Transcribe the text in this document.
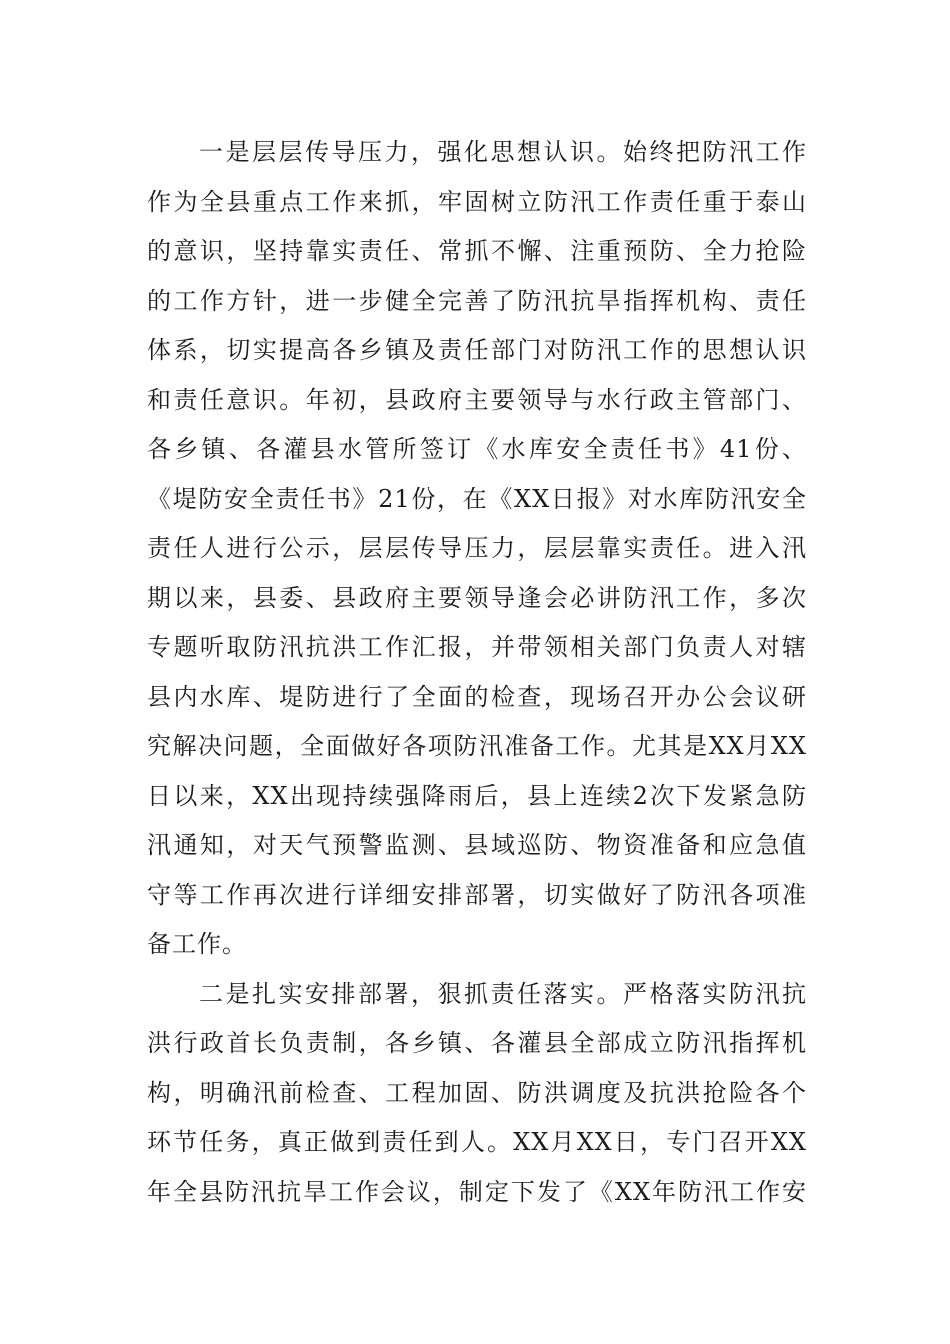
一是层层传导压力，强化思想认识。始终把防汛工作
作为全县重点工作来抓，牢固树立防汛工作责任重于泰山
的意识，坚持靠实责任、常抓不懈、注重预防、全力抢险
的工作方针，进一步健全完善了防汛抗旱指挥机构、责任
体系，切实提高各乡镇及责任部门对防汛工作的思想认识
和责任意识。年初，县政府主要领导与水行政主管部门、
各乡镇、各灌县水管所签订《水库安全责任书》41份、
《堤防安全责任书》21份，在《XX日报》对水库防汛安全
责任人进行公示，层层传导压力，层层靠实责任。进入汛
期以来，县委、县政府主要领导逢会必讲防汛工作，多次
专题听取防汛抗洪工作汇报，并带领相关部门负责人对辖
县内水库、堤防进行了全面的检查，现场召开办公会议研
究解决问题，全面做好各项防汛准备工作。尤其是XX月XX
日以来，XX出现持续强降雨后，县上连续2次下发紧急防
汛通知，对天气预警监测、县域巡防、物资准备和应急值
守等工作再次进行详细安排部署，切实做好了防汛各项准
备工作。
二是扎实安排部署，狠抓责任落实。严格落实防汛抗
洪行政首长负责制，各乡镇、各灌县全部成立防汛指挥机
构，明确汛前检查、工程加固、防洪调度及抗洪抢险各个
环节任务，真正做到责任到人。XX月XX日，专门召开XX
年全县防汛抗旱工作会议，制定下发了《XX年防汛工作安
